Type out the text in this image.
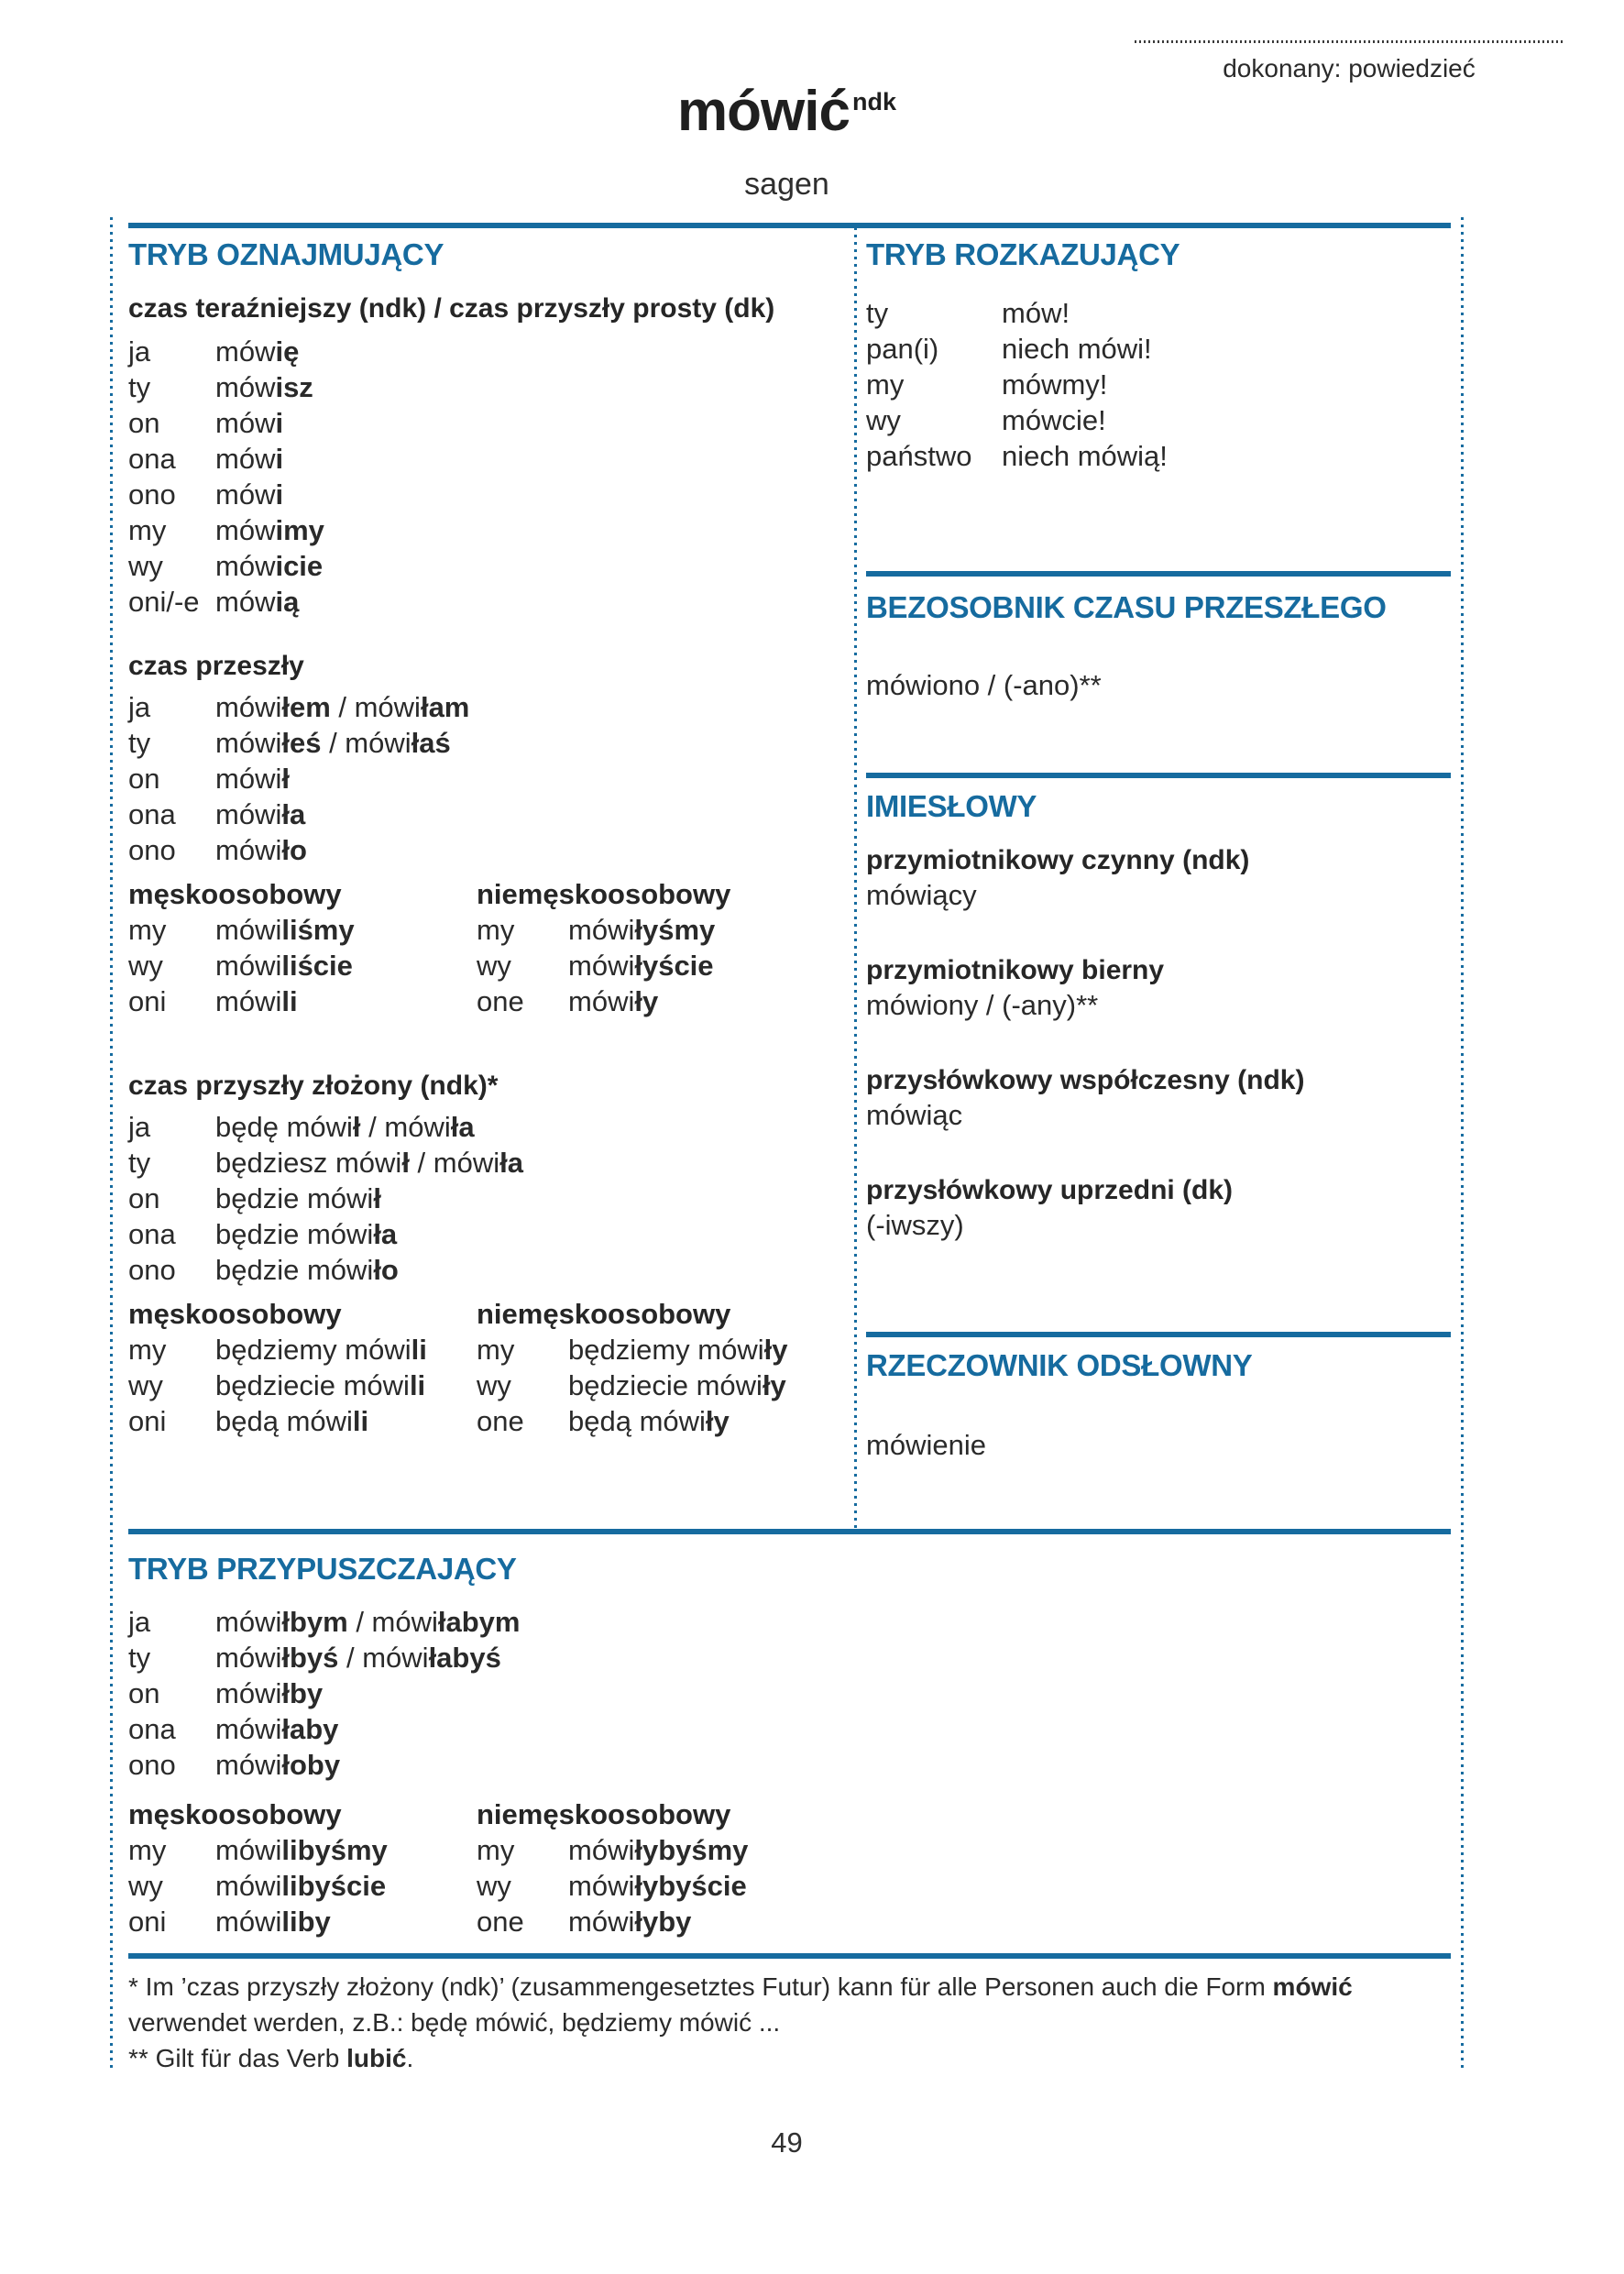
dokonany: powiedzieć
mówić $^{ndk}$
sagen
TRYB OZNAJMUJĄCY

czas teraźniejszy (ndk) / czas przyszły prosty (dk)

ja	mówię
ty	mówisz
on	mówi
ona	mówi
ono	mówi
my	mówimy
wy	mówicie
oni/-e mówią

czas przeszły

ja	mówiłem / mówiłam
ty	mówiłeś / mówiłaś
on	mówił
ona	mówiła
ono	mówiło
męskoosobowy
my	mówiliśmy
wy	mówiliście
oni	mówili
niemęskoosobowy
my	mówiłyśmy
wy	mówiłyście
one	mówiły

czas przyszły złożony (ndk)*

ja	będę mówił / mówiła
ty	będziesz mówił / mówiła
on	będzie mówił
ona	będzie mówiła
ono	będzie mówiło
męskoosobowy
my	będziemy mówili
wy	będziecie mówili
oni	będą mówili
niemęskoosobowy
my	będziemy mówiły
wy	będziecie mówiły
one	będą mówiły
TRYB ROZKAZUJĄCY
ty	mów!
pan(i)	niech mówi!
my	mówmy!
wy	mówcie!
państwo	niech mówią!
BEZOSOBNIK CZASU PRZESZŁEGO

mówiono / (-ano)**

IMIESŁOWY

przymiotnikowy czynny (ndk)

mówiący

przymiotnikowy bierny

mówiony / (-any)**

przysłówkowy współczesny (ndk)

mówiąc

przysłówkowy uprzedni (dk)

(-iwszy)

RZECZOWNIK ODSŁOWNY

mówienie

TRYB PRZYPUSZCZAJĄCY
ja	mówiłbym / mówiłabym
ty	mówiłbyś / mówiłabyś
on	mówiłby
ona	mówiłaby
ono	mówiłoby
męskoosobowy
my	mówilibyśmy
wy	mówilibyście
oni	mówiliby
niemęskoosobowy
my	mówiłybyśmy
wy	mówiłybyście
one	mówiłyby

* Im ’czas przyszły złożony (ndk)’ (zusammengesetztes Futur) kann für alle Personen auch die Form mówić

verwendet werden, z.B.: będę mówić, będziemy mówić ...

** Gilt für das Verb lubić.

49
